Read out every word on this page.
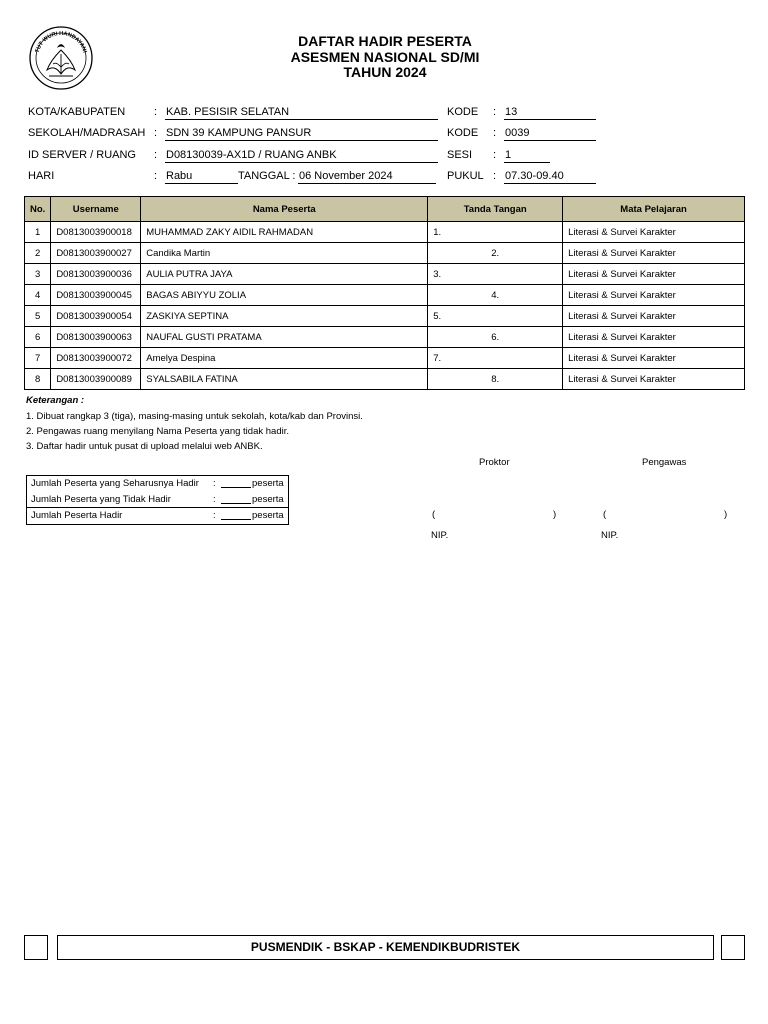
TUT WURI HANDAYANI
DAFTAR HADIR PESERTA
ASESMEN NASIONAL SD/MI
TAHUN 2024
KOTA/KABUPATEN	: KAB. PESISIR SELATAN	KODE : 13
SEKOLAH/MADRASAH : SDN 39 KAMPUNG PANSUR	KODE : 0039
ID SERVER / RUANG : D08130039-AX1D / RUANG ANBK	SESI : 1
HARI	: Rabu	TANGGAL : 06 November 2024	PUKUL : 07.30-09.40
No.	Username	Nama Peserta	Tanda Tangan	Mata Pelajaran
1	D0813003900018	MUHAMMAD ZAKY AIDIL RAHMADAN	1.	Literasi & Survei Karakter
2	D0813003900027	Candika Martin	2.	Literasi & Survei Karakter
3	D0813003900036	AULIA PUTRA JAYA	3.	Literasi & Survei Karakter
4	D0813003900045	BAGAS ABIYYU ZOLIA	4.	Literasi & Survei Karakter
5	D0813003900054	ZASKIYA SEPTINA	5.	Literasi & Survei Karakter
6	D0813003900063	NAUFAL GUSTI PRATAMA	6.	Literasi & Survei Karakter
7	D0813003900072	Amelya Despina	7.	Literasi & Survei Karakter
8	D0813003900089	SYALSABILA FATINA	8.	Literasi & Survei Karakter
Keterangan :
1. Dibuat rangkap 3 (tiga), masing-masing untuk sekolah, kota/kab dan Provinsi.
2. Pengawas ruang menyilang Nama Peserta yang tidak hadir.
3. Daftar hadir untuk pusat di upload melalui web ANBK.
Jumlah Peserta yang Seharusnya Hadir :	peserta
Jumlah Peserta yang Tidak Hadir	:	peserta
Jumlah Peserta Hadir	:	peserta
Proktor	Pengawas
(	)	(	)
NIP.	NIP.
PUSMENDIK - BSKAP - KEMENDIKBUDRISTEK
